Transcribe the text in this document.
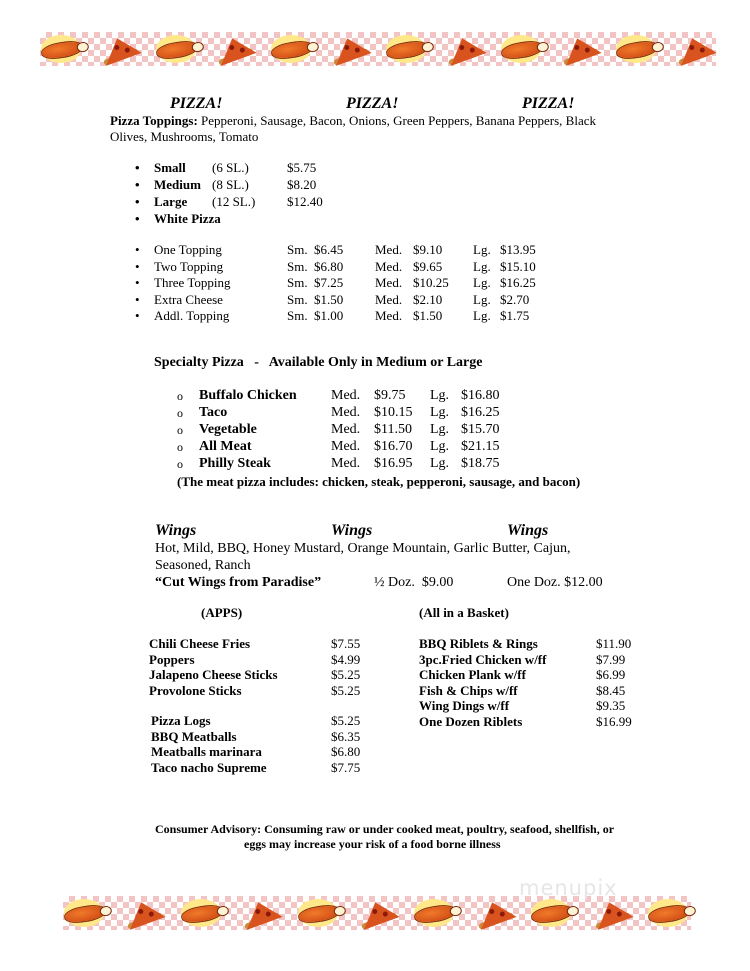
PIZZA!	PIZZA!	PIZZA!
Pizza Toppings: Pepperoni, Sausage, Bacon, Onions, Green Peppers, Banana Peppers, Black
Olives, Mushrooms, Tomato
• Small (6 SL.)	$5.75
• Medium (8 SL.)	$8.20
• Large (12 SL.) $12.40
• White Pizza
• One Topping	Sm. $6.45 Med. $9.10 Lg. $13.95
• Two Topping	Sm. $6.80 Med. $9.65 Lg. $15.10
• Three Topping	Sm. $7.25 Med. $10.25 Lg. $16.25
• Extra Cheese	Sm. $1.50 Med. $2.10 Lg. $2.70
• Addl. Topping	Sm. $1.00 Med. $1.50 Lg. $1.75
Specialty Pizza   -   Available Only in Medium or Large
o Buffalo Chicken Med. $9.75 Lg. $16.80
o Taco	Med. $10.15 Lg. $16.25
o Vegetable	Med. $11.50 Lg. $15.70
o All Meat	Med. $16.70 Lg. $21.15
o Philly Steak	Med. $16.95 Lg. $18.75
(The meat pizza includes: chicken, steak, pepperoni, sausage, and bacon)
Wings	Wings	Wings
Hot, Mild, BBQ, Honey Mustard, Orange Mountain, Garlic Butter, Cajun,
Seasoned, Ranch
“Cut Wings from Paradise”	½ Doz.  $9.00	One Doz. $12.00
(APPS)	(All in a Basket)
Chili Cheese Fries	$7.55
Poppers	$4.99
Jalapeno Cheese Sticks	$5.25
Provolone Sticks	$5.25
Pizza Logs	$5.25
BBQ Meatballs	$6.35
Meatballs marinara	$6.80
Taco nacho Supreme	$7.75
BBQ Riblets & Rings	$11.90
3pc.Fried Chicken w/ff	$7.99
Chicken Plank w/ff	$6.99
Fish & Chips w/ff	$8.45
Wing Dings w/ff	$9.35
One Dozen Riblets	$16.99
Consumer Advisory: Consuming raw or under cooked meat, poultry, seafood, shellfish, or
eggs may increase your risk of a food borne illness
menupix
